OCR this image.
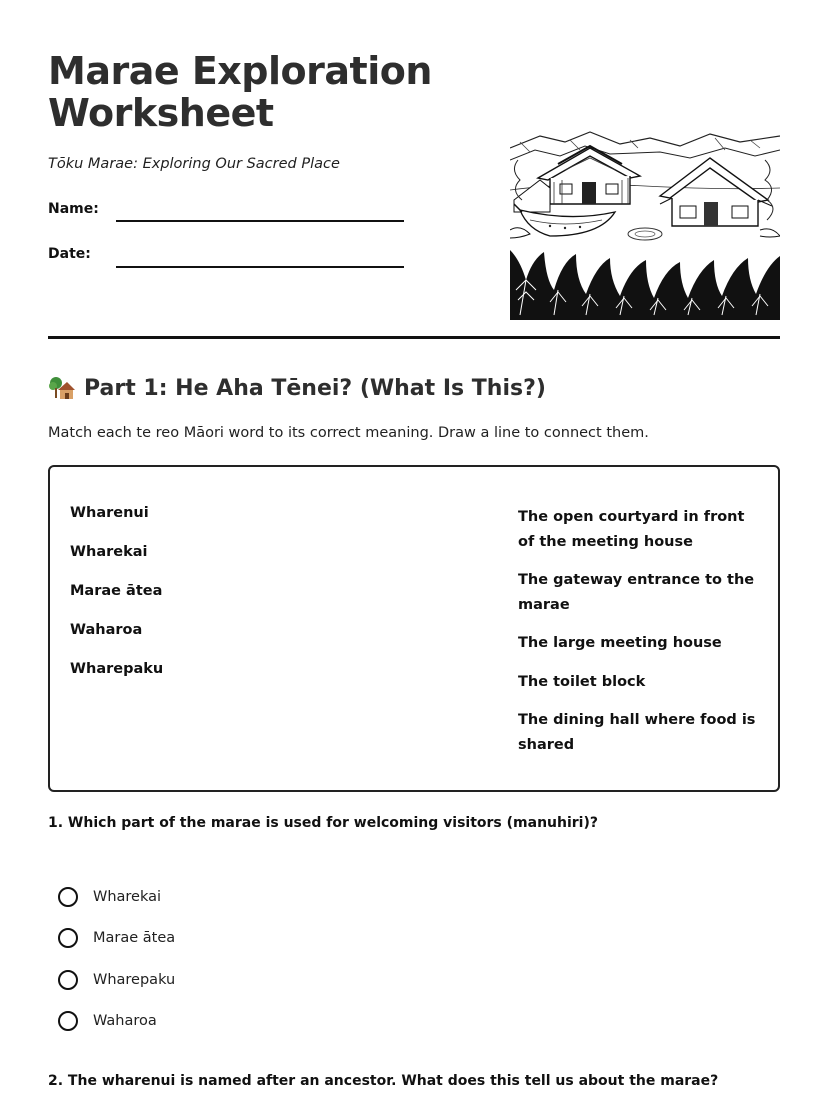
Marae Exploration Worksheet
Tōku Marae: Exploring Our Sacred Place
Name:
Date:
Part 1: He Aha Tēnei? (What Is This?)
Match each te reo Māori word to its correct meaning. Draw a line to connect them.
Wharenui
Wharekai
Marae ātea
Waharoa
Wharepaku
The open courtyard in front of the meeting house
The gateway entrance to the marae
The large meeting house
The toilet block
The dining hall where food is shared
1. Which part of the marae is used for welcoming visitors (manuhiri)?
Wharekai
Marae ātea
Wharepaku
Waharoa
2. The wharenui is named after an ancestor. What does this tell us about the marae?
